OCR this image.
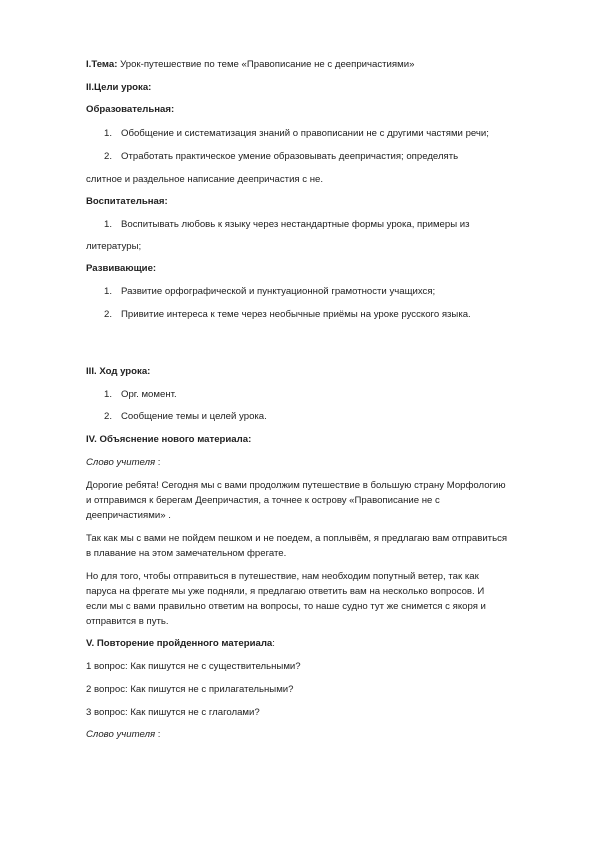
I.Тема: Урок-путешествие по теме «Правописание не с деепричастиями»
II.Цели урока:
Образовательная:
1. Обобщение и систематизация знаний о правописании не с другими частями речи;
2. Отработать практическое умение образовывать деепричастия; определять
слитное и раздельное написание деепричастия с не.
Воспитательная:
1. Воспитывать любовь к языку через нестандартные формы урока, примеры из
литературы;
Развивающие:
1. Развитие орфографической и пунктуационной грамотности учащихся;
2. Привитие интереса к теме через необычные приёмы на уроке русского языка.
III. Ход урока:
1. Орг. момент.
2. Сообщение темы и целей урока.
IV. Объяснение нового материала:
Слово учителя :
Дорогие ребята! Сегодня мы с вами продолжим путешествие в большую страну Морфологию
и отправимся к берегам Деепричастия, а точнее к острову «Правописание не с
деепричастиями» .
Так как мы с вами не пойдем пешком и не поедем, а поплывём, я предлагаю вам отправиться
в плавание на этом замечательном фрегате.
Но для того, чтобы отправиться в путешествие, нам необходим попутный ветер, так как
паруса на фрегате мы уже подняли, я предлагаю ответить вам на несколько вопросов. И
если мы с вами правильно ответим на вопросы, то наше судно тут же снимется с якоря и
отправится в путь.
V. Повторение пройденного материала:
1 вопрос: Как пишутся не с существительными?
2 вопрос: Как пишутся не с прилагательными?
3 вопрос: Как пишутся не с глаголами?
Слово учителя :
